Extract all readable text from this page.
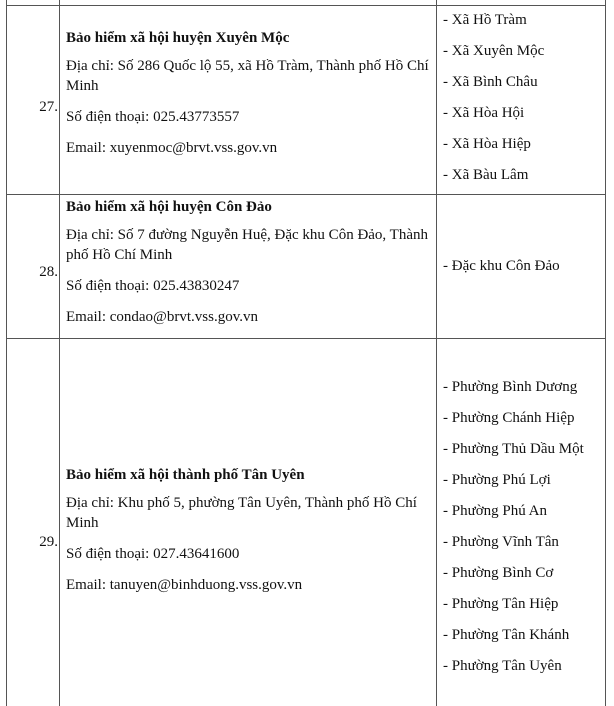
27.

Bảo hiểm xã hội huyện Xuyên Mộc

Địa chỉ: Số 286 Quốc lộ 55, xã Hồ Tràm, Thành phố Hồ Chí Minh

Số điện thoại: 025.43773557

Email: xuyenmoc@brvt.vss.gov.vn

- Xã Hồ Tràm

- Xã Xuyên Mộc

- Xã Bình Châu

- Xã Hòa Hội

- Xã Hòa Hiệp

- Xã Bàu Lâm

28.

Bảo hiểm xã hội huyện Côn Đảo

Địa chỉ: Số 7 đường Nguyễn Huệ, Đặc khu Côn Đảo, Thành phố Hồ Chí Minh

Số điện thoại: 025.43830247

Email: condao@brvt.vss.gov.vn

- Đặc khu Côn Đảo

29.

Bảo hiểm xã hội thành phố Tân Uyên

Địa chỉ: Khu phố 5, phường Tân Uyên, Thành phố Hồ Chí Minh

Số điện thoại: 027.43641600

Email: tanuyen@binhduong.vss.gov.vn

- Phường Bình Dương

- Phường Chánh Hiệp

- Phường Thủ Dầu Một

- Phường Phú Lợi

- Phường Phú An

- Phường Vĩnh Tân

- Phường Bình Cơ

- Phường Tân Hiệp

- Phường Tân Khánh

- Phường Tân Uyên
